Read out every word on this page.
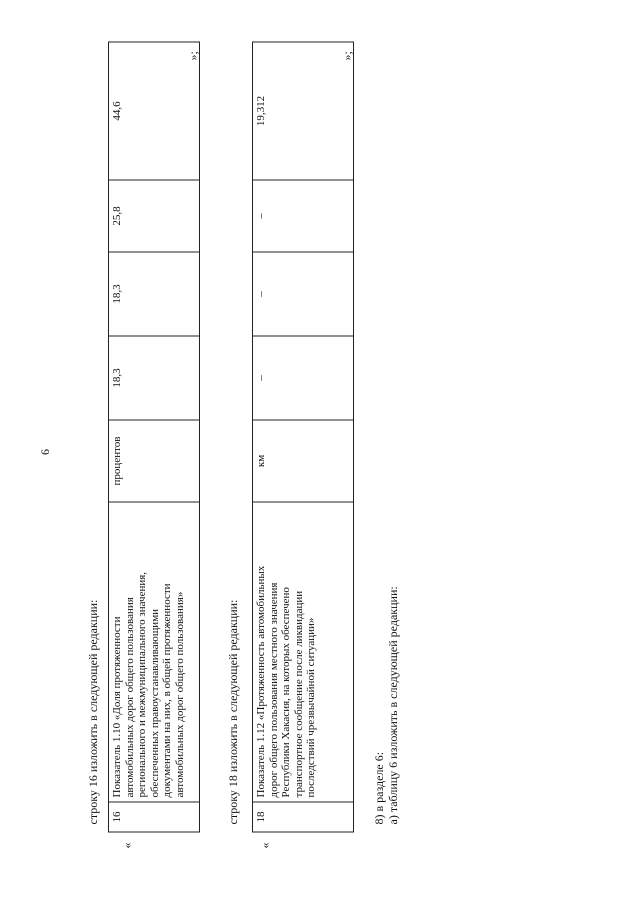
6
строку 16 изложить в следующей редакции:
«
16	Показатель 1.10 «Доля протяженности
автомобильных дорог общего пользования
регионального и межмуниципального значения,
обеспеченных правоустанавливающими
документами на них, в общей протяженности
автомобильных дорог общего пользования»	процентов	18,3	18,3	25,8	44,6
»;
строку 18 изложить в следующей редакции:
«
18	Показатель 1.12 «Протяженность автомобильных
дорог общего пользования местного значения
Республики Хакасия, на которых обеспечено
транспортное сообщение после ликвидации
последствий чрезвычайной ситуации»	км	–	–	–	19,312
»;
8) в разделе 6: а) таблицу 6 изложить в следующей редакции:
